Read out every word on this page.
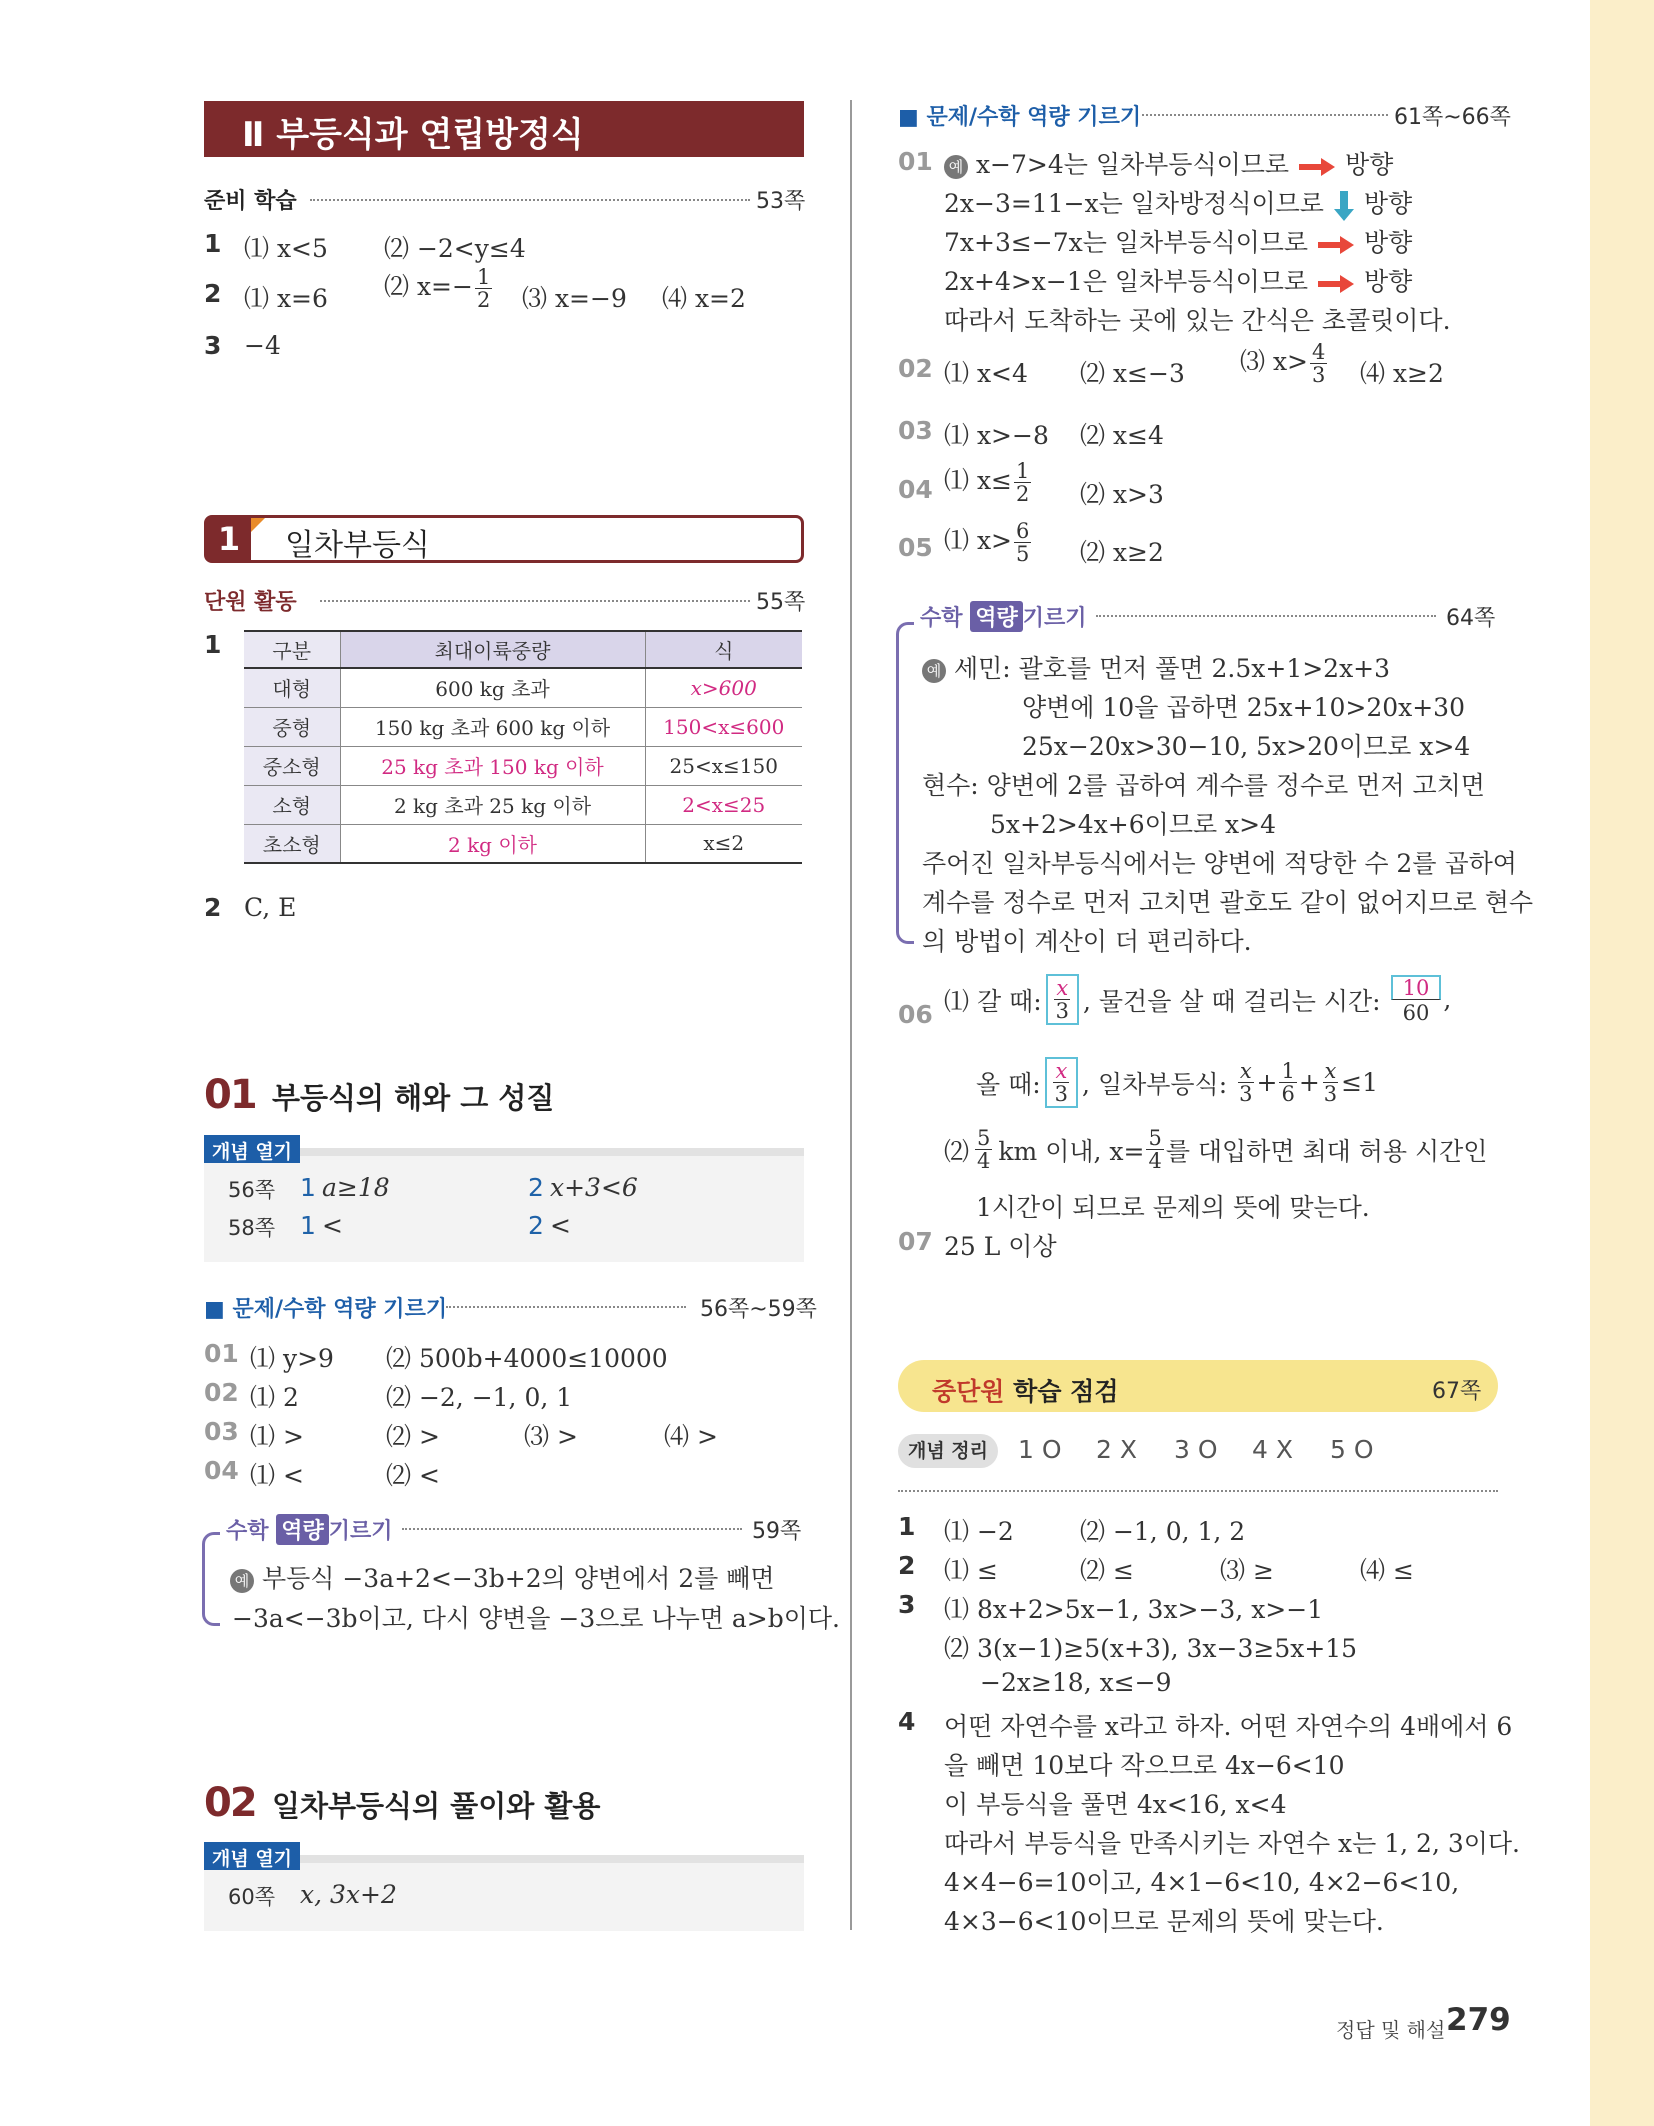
Ⅱ 부등식과 연립방정식
준비 학습	53쪽
1 ⑴ x<5 ⑵ −2<y≤4
2 ⑴ x=6 ⑵ $x=- \frac{1}{2}$ ⑶ x=−9 ⑷ x=2
3 −4
1	일차부등식
단원 활동	55쪽
1	구분	최대이륙중량	식
대형	600 kg 초과	x>600
중형	150 kg 초과 600 kg 이하	150<x≤600
중소형	25 kg 초과 150 kg 이하	25<x≤150
소형	2 kg 초과 25 kg 이하	2<x≤25
초소형	2 kg 이하	x≤2
2 C, E
01 부등식의 해와 그 성질
개념 열기
56쪽 1 a≥18	2 x+3<6
58쪽 1 <	2 <
■ 문제/수학 역량 기르기	56쪽~59쪽
01 ⑴ y>9 ⑵ 500b+4000≤10000
02 ⑴ 2	⑵ −2, −1, 0, 1
03 ⑴ >	⑵ >	⑶ >	⑷ >
04 ⑴ <	⑵ <
수학 역량 기르기	59쪽
예 부등식 −3a+2<−3b+2의 양변에서 2를 빼면
−3a<−3b이고, 다시 양변을 −3으로 나누면 a>b이다.
02 일차부등식의 풀이와 활용
개념 열기
60쪽 x, 3x+2
■ 문제/수학 역량 기르기	61쪽~66쪽
01	예 x−7>4는 일차부등식이므로 방향
2x−3=11−x는 일차방정식이므로 방향
7x+3≤−7x는 일차부등식이므로 방향
2x+4>x−1은 일차부등식이므로 방향
따라서 도착하는 곳에 있는 간식은 초콜릿이다.
02 ⑴ x<4 ⑵ x≤−3 ⑶ $x> \frac{4}{3}$ ⑷ x≥2
03 ⑴ x>−8 ⑵ x≤4
04 ⑴ $x\le \frac{1}{2}$ ⑵ x>3
05 ⑴ $x> \frac{6}{5}$ ⑵ x≥2
수학 역량 기르기	64쪽
예 세민: 괄호를 먼저 풀면 2.5x+1>2x+3
양변에 10을 곱하면 25x+10>20x+30
25x−20x>30−10, 5x>20이므로 x>4
현수: 양변에 2를 곱하여 계수를 정수로 먼저 고치면
5x+2>4x+6이므로 x>4
주어진 일차부등식에서는 양변에 적당한 수 2를 곱하여
계수를 정수로 먼저 고치면 괄호도 같이 없어지므로 현수
의 방법이 계산이 더 편리하다.
06 ⑴ 갈 때: $\frac{x}{3}$ , 물건을 살 때 걸리는 시간: $\frac{10}{60}$ ,
올 때: $\frac{x}{3}$ , 일차부등식: $\frac{x}{3} + \frac{1}{6} + \frac{x}{3} \le 1$
⑵ $\frac{5}{4}$ km 이내, $x= \frac{5}{4}$ 를 대입하면 최대 허용 시간인
1시간이 되므로 문제의 뜻에 맞는다.
07 25 L 이상
중단원 학습 점검	67쪽
개념 정리	1 O 2 X 3 O 4 X 5 O
1 ⑴ −2	⑵ −1, 0, 1, 2
2 ⑴ ≤	⑵ ≤	⑶ ≥	⑷ ≤
3 ⑴ 8x+2>5x−1, 3x>−3, x>−1
⑵ 3(x−1)≥5(x+3), 3x−3≥5x+15
−2x≥18, x≤−9
4 어떤 자연수를 x라고 하자. 어떤 자연수의 4배에서 6
을 빼면 10보다 작으므로 4x−6<10
이 부등식을 풀면 4x<16, x<4
따라서 부등식을 만족시키는 자연수 x는 1, 2, 3이다.
4×4−6=10이고, 4×1−6<10, 4×2−6<10,
4×3−6<10이므로 문제의 뜻에 맞는다.
정답 및 해설 279
